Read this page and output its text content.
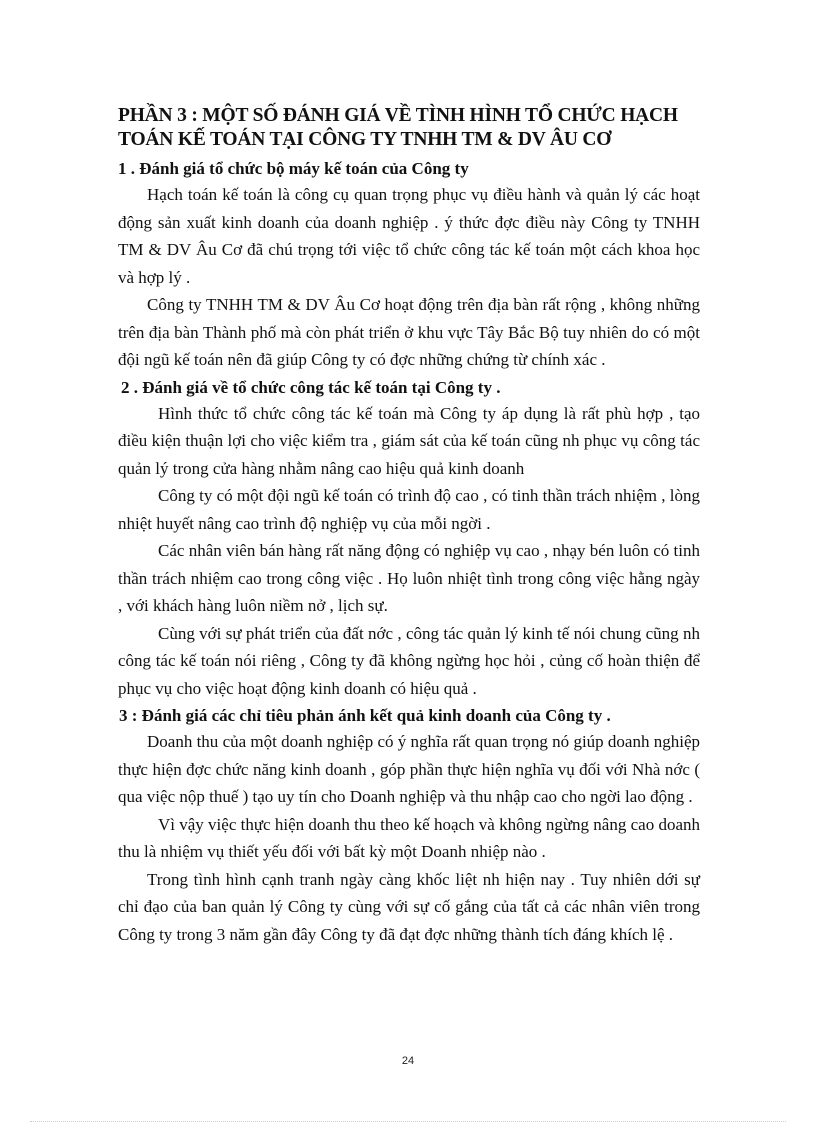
PHẦN 3 : MỘT SỐ ĐÁNH GIÁ VỀ TÌNH HÌNH TỔ CHỨC HẠCH

TOÁN KẾ TOÁN TẠI CÔNG TY TNHH TM & DV ÂU CƠ

1 . Đánh giá tổ chức bộ máy kế toán của Công ty

Hạch toán kế toán là công cụ quan trọng phục vụ điều hành và quản lý các hoạt động sản xuất kinh doanh của doanh nghiệp . ý thức đợc điều này Công ty TNHH TM & DV Âu Cơ đã chú trọng tới việc tổ chức công tác kế toán một cách khoa học và hợp lý .

Công ty TNHH TM & DV Âu Cơ hoạt động trên địa bàn rất rộng , không những trên địa bàn Thành phố mà còn phát triển ở khu vực Tây Bắc Bộ tuy nhiên do có một đội ngũ kế toán nên đã giúp Công ty có đợc những chứng từ chính xác .

2 . Đánh giá về tổ chức công tác kế toán tại Công ty .

Hình thức tổ chức công tác kế toán mà Công ty áp dụng là rất phù hợp , tạo điều kiện thuận lợi cho việc kiểm tra , giám sát của kế toán cũng nh phục vụ công tác quản lý trong cửa hàng nhằm nâng cao hiệu quả kinh doanh

Công ty có một đội ngũ kế toán có trình độ cao , có tinh thần trách nhiệm , lòng nhiệt huyết nâng cao trình độ nghiệp vụ của mỗi ngời .

Các nhân viên bán hàng rất năng động có nghiệp vụ cao , nhạy bén luôn có tinh thần trách nhiệm cao trong công việc . Họ luôn nhiệt tình trong công việc hằng ngày , với khách hàng luôn niềm nở , lịch sự.

Cùng với sự phát triển của đất nớc , công tác quản lý kinh tế nói chung cũng nh công tác kế toán nói riêng , Công ty đã không ngừng học hỏi , củng cố hoàn thiện để phục vụ cho việc hoạt động kinh doanh có hiệu quả .

3 : Đánh giá các chỉ tiêu phản ánh kết quả kinh doanh của Công ty .

Doanh thu của một doanh nghiệp có ý nghĩa rất quan trọng nó giúp doanh nghiệp thực hiện đợc chức năng kinh doanh , góp phần thực hiện nghĩa vụ đối với Nhà nớc ( qua việc nộp thuế ) tạo uy tín cho Doanh nghiệp và thu nhập cao cho ngời lao động .

Vì vậy việc thực hiện doanh thu theo kế hoạch và không ngừng nâng cao doanh thu là nhiệm vụ thiết yếu đối với bất kỳ một Doanh nhiệp nào .

Trong tình hình cạnh tranh ngày càng khốc liệt nh hiện nay . Tuy nhiên dới sự chỉ đạo của ban quản lý Công ty cùng với sự cố gắng của tất cả các nhân viên trong Công ty trong 3 năm gần đây Công ty đã đạt đợc những thành tích đáng khích lệ .

24
